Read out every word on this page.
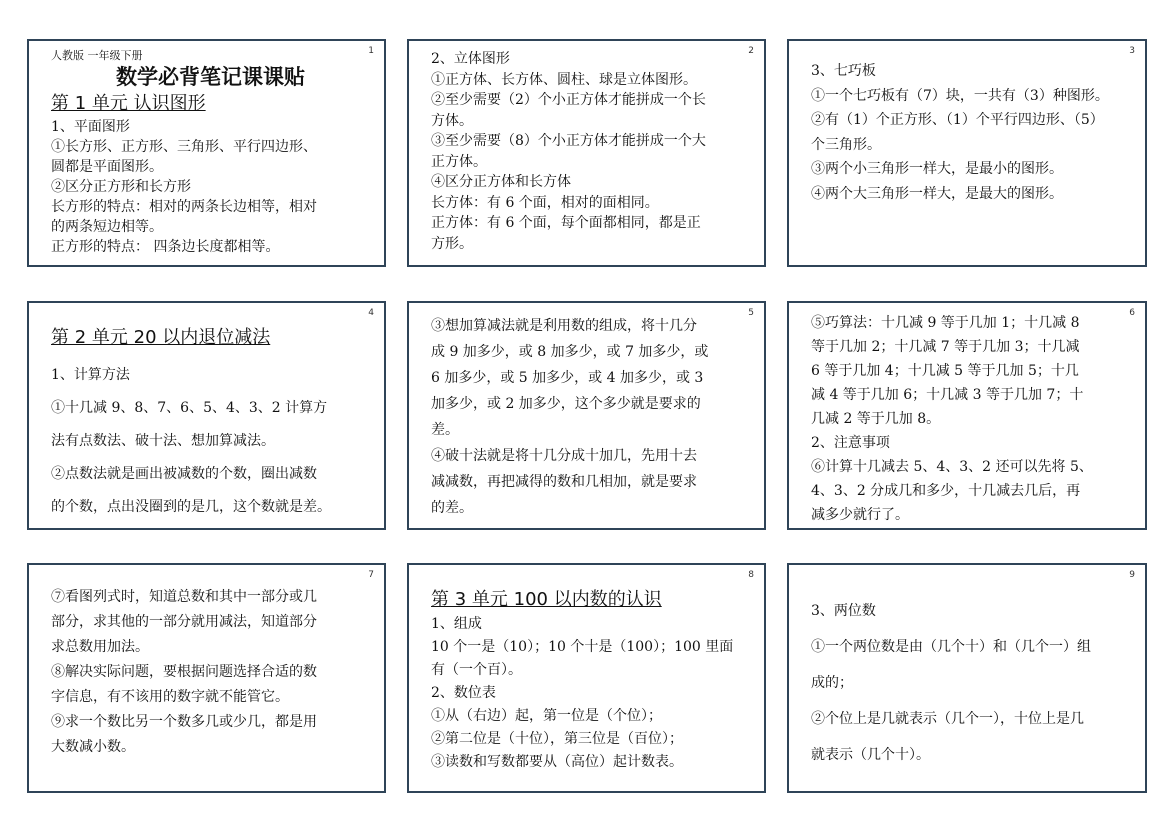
1
人教版 一年级下册
数学必背笔记课课贴
第 1 单元 认识图形
1、平面图形
①长方形、正方形、三角形、平行四边形、
圆都是平面图形。
②区分正方形和长方形
长方形的特点：相对的两条长边相等，相对
的两条短边相等。
正方形的特点： 四条边长度都相等。
2
2、立体图形
①正方体、长方体、圆柱、球是立体图形。
②至少需要（2）个小正方体才能拼成一个长
方体。
③至少需要（8）个小正方体才能拼成一个大
正方体。
④区分正方体和长方体
长方体：有 6 个面，相对的面相同。
正方体：有 6 个面，每个面都相同，都是正
方形。
3
3、七巧板
①一个七巧板有（7）块，一共有（3）种图形。
②有（1）个正方形、（1）个平行四边形、（5）
个三角形。
③两个小三角形一样大，是最小的图形。
④两个大三角形一样大，是最大的图形。
4
第 2 单元 20 以内退位减法
1、计算方法
①十几减 9、8、7、6、5、4、3、2 计算方
法有点数法、破十法、想加算减法。
②点数法就是画出被减数的个数，圈出减数
的个数，点出没圈到的是几，这个数就是差。
5
③想加算减法就是利用数的组成，将十几分
成 9 加多少，或 8 加多少，或 7 加多少，或
6 加多少，或 5 加多少，或 4 加多少，或 3
加多少，或 2 加多少，这个多少就是要求的
差。
④破十法就是将十几分成十加几，先用十去
减减数，再把减得的数和几相加，就是要求
的差。
6
⑤巧算法：十几减 9 等于几加 1；十几减 8
等于几加 2；十几减 7 等于几加 3；十几减
6 等于几加 4；十几减 5 等于几加 5；十几
减 4 等于几加 6；十几减 3 等于几加 7；十
几减 2 等于几加 8。
2、注意事项
⑥计算十几减去 5、4、3、2 还可以先将 5、
4、3、2 分成几和多少，十几减去几后，再
减多少就行了。
7
⑦看图列式时，知道总数和其中一部分或几
部分，求其他的一部分就用减法，知道部分
求总数用加法。
⑧解决实际问题，要根据问题选择合适的数
字信息，有不该用的数字就不能管它。
⑨求一个数比另一个数多几或少几，都是用
大数减小数。
8
第 3 单元 100 以内数的认识
1、组成
10 个一是（10）；10 个十是（100）；100 里面
有（一个百）。
2、数位表
①从（右边）起，第一位是（个位）；
②第二位是（十位），第三位是（百位）；
③读数和写数都要从（高位）起计数表。
9
3、两位数
①一个两位数是由（几个十）和（几个一）组
成的；
②个位上是几就表示（几个一），十位上是几
就表示（几个十）。
